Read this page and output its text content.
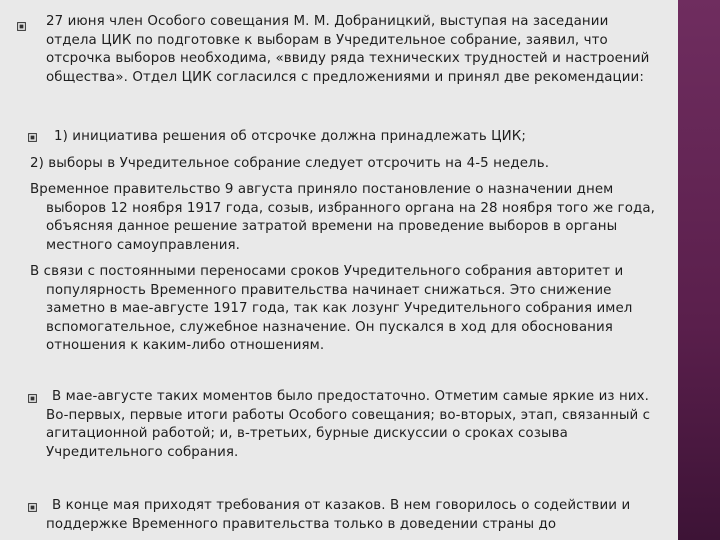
27 июня член Особого совещания М. М. Добраницкий, выступая на заседании
отдела ЦИК по подготовке к выборам в Учредительное собрание, заявил, что
отсрочка выборов необходима, «ввиду ряда технических трудностей и настроений
общества». Отдел ЦИК согласился с предложениями и принял две рекомендации:
1) инициатива решения об отсрочке должна принадлежать ЦИК;
2) выборы в Учредительное собрание следует отсрочить на 4-5 недель.
Временное правительство 9 августа приняло постановление о назначении днем
выборов 12 ноября 1917 года, созыв, избранного органа на 28 ноября того же года,
объясняя данное решение затратой времени на проведение выборов в органы
местного самоуправления.
В связи с постоянными переносами сроков Учредительного собрания авторитет и
популярность Временного правительства начинает снижаться. Это снижение
заметно в мае-августе 1917 года, так как лозунг Учредительного собрания имел
вспомогательное, служебное назначение. Он пускался в ход для обоснования
отношения к каким-либо отношениям.
В мае-августе таких моментов было предостаточно. Отметим самые яркие из них.
Во-первых, первые итоги работы Особого совещания; во-вторых, этап, связанный с
агитационной работой; и, в-третьих, бурные дискуссии о сроках созыва
Учредительного собрания.
В конце мая приходят требования от казаков. В нем говорилось о содействии и
поддержке Временного правительства только в доведении страны до
